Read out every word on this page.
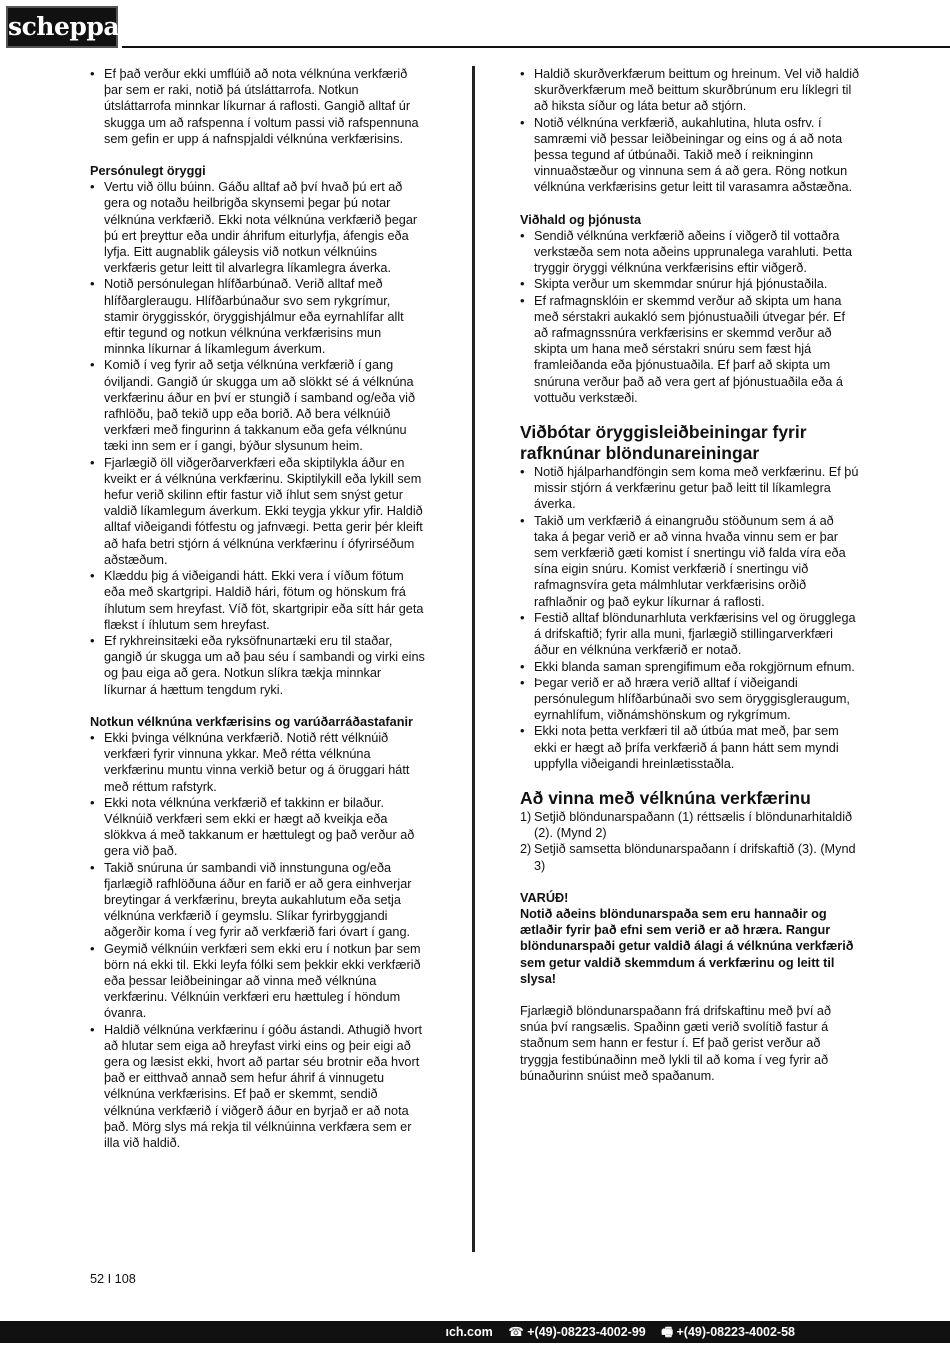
scheppach
• Ef það verður ekki umflúið að nota vélknúna verkfærið þar sem er raki, notið þá útsláttarrofa. Notkun útsláttarrofa minnkar líkurnar á raflosti. Gangið alltaf úr skugga um að rafspenna í voltum passi við rafspennuna sem gefin er upp á nafnspjaldi vélknúna verkfærisins.
Persónulegt öryggi
• Vertu við öllu búinn. Gáðu alltaf að því hvað þú ert að gera og notaðu heilbrigða skynsemi þegar þú notar vélknúna verkfærið. Ekki nota vélknúna verkfærið þegar þú ert þreyttur eða undir áhrifum eiturlyfja, áfengis eða lyfja. Eitt augnablik gáleysis við notkun vélknúins verkfæris getur leitt til alvarlegra líkamlegra áverka.
• Notið persónulegan hlífðarbúnað. Verið alltaf með hlífðargleraugu. Hlífðarbúnaður svo sem rykgrímur, stamir öryggisskór, öryggishjálmur eða eyrnahlífar allt eftir tegund og notkun vélknúna verkfærisins mun minnka líkurnar á líkamlegum áverkum.
• Komið í veg fyrir að setja vélknúna verkfærið í gang óviljandi. Gangið úr skugga um að slökkt sé á vélknúna verkfærinu áður en því er stungið í samband og/eða við rafhlöðu, það tekið upp eða borið. Að bera vélknúið verkfæri með fingurinn á takkanum eða gefa vélknúnu tæki inn sem er í gangi, býður slysunum heim.
• Fjarlægið öll viðgerðarverkfæri eða skiptilykla áður en kveikt er á vélknúna verkfærinu. Skiptilykill eða lykill sem hefur verið skilinn eftir fastur við íhlut sem snýst getur valdið líkamlegum áverkum. Ekki teygja ykkur yfir. Haldið alltaf viðeigandi fótfestu og jafnvægi. Þetta gerir þér kleift að hafa betri stjórn á vélknúna verkfærinu í ófyrirséðum aðstæðum.
• Klæddu þig á viðeigandi hátt. Ekki vera í víðum fötum eða með skartgripi. Haldið hári, fötum og hönskum frá íhlutum sem hreyfast. Víð föt, skartgripir eða sítt hár geta flækst í íhlutum sem hreyfast.
• Ef rykhreinsitæki eða ryksöfnunartæki eru til staðar, gangið úr skugga um að þau séu í sambandi og virki eins og þau eiga að gera. Notkun slíkra tækja minnkar líkurnar á hættum tengdum ryki.
Notkun vélknúna verkfærisins og varúðarráðastafanir
• Ekki þvinga vélknúna verkfærið. Notið rétt vélknúið verkfæri fyrir vinnuna ykkar. Með rétta vélknúna verkfærinu muntu vinna verkið betur og á öruggari hátt með réttum rafstyrk.
• Ekki nota vélknúna verkfærið ef takkinn er bilaður. Vélknúið verkfæri sem ekki er hægt að kveikja eða slökkva á með takkanum er hættulegt og það verður að gera við það.
• Takið snúruna úr sambandi við innstunguna og/eða fjarlægið rafhlöðuna áður en farið er að gera einhverjar breytingar á verkfærinu, breyta aukahlutum eða setja vélknúna verkfærið í geymslu. Slíkar fyrirbyggjandi aðgerðir koma í veg fyrir að verkfærið fari óvart í gang.
• Geymið vélknúin verkfæri sem ekki eru í notkun þar sem börn ná ekki til. Ekki leyfa fólki sem þekkir ekki verkfærið eða þessar leiðbeiningar að vinna með vélknúna verkfærinu. Vélknúin verkfæri eru hættuleg í höndum óvanra.
• Haldið vélknúna verkfærinu í góðu ástandi. Athugið hvort að hlutar sem eiga að hreyfast virki eins og þeir eigi að gera og læsist ekki, hvort að partar séu brotnir eða hvort það er eitthvað annað sem hefur áhrif á vinnugetu vélknúna verkfærisins. Ef það er skemmt, sendið vélknúna verkfærið í viðgerð áður en byrjað er að nota það. Mörg slys má rekja til vélknúinna verkfæra sem er illa við haldið.
• Haldið skurðverkfærum beittum og hreinum. Vel við haldið skurðverkfærum með beittum skurðbrúnum eru líklegri til að hiksta síður og láta betur að stjórn.
• Notið vélknúna verkfærið, aukahlutina, hluta osfrv. í samræmi við þessar leiðbeiningar og eins og á að nota þessa tegund af útbúnaði. Takið með í reikninginn vinnuaðstæður og vinnuna sem á að gera. Röng notkun vélknúna verkfærisins getur leitt til varasamra aðstæðna.
Viðhald og þjónusta
• Sendið vélknúna verkfærið aðeins í viðgerð til vottaðra verkstæða sem nota aðeins upprunalega varahluti. Þetta tryggir öryggi vélknúna verkfærisins eftir viðgerð.
• Skipta verður um skemmdar snúrur hjá þjónustaðila.
• Ef rafmagnsklóin er skemmd verður að skipta um hana með sérstakri aukakló sem þjónustuaðili útvegar þér. Ef að rafmagnssnúra verkfærisins er skemmd verður að skipta um hana með sérstakri snúru sem fæst hjá framleiðanda eða þjónustuaðila. Ef þarf að skipta um snúruna verður það að vera gert af þjónustuaðila eða á vottuðu verkstæði.
Viðbótar öryggisleiðbeiningar fyrir rafknúnar blöndunareiningar
• Notið hjálparhandföngin sem koma með verkfærinu. Ef þú missir stjórn á verkfærinu getur það leitt til líkamlegra áverka.
• Takið um verkfærið á einangruðu stöðunum sem á að taka á þegar verið er að vinna hvaða vinnu sem er þar sem verkfærið gæti komist í snertingu við falda víra eða sína eigin snúru. Komist verkfærið í snertingu við rafmagnsvíra geta málmhlutar verkfærisins orðið rafhlaðnir og það eykur líkurnar á raflosti.
• Festið alltaf blöndunarhluta verkfærisins vel og örugglega á drifskaftið; fyrir alla muni, fjarlægið stillingarverkfæri áður en vélknúna verkfærið er notað.
• Ekki blanda saman sprengifimum eða rokgjörnum efnum.
• Þegar verið er að hræra verið alltaf í viðeigandi persónulegum hlífðarbúnaði svo sem öryggisgleraugum, eyrnahlífum, viðnámshönskum og rykgrímum.
• Ekki nota þetta verkfæri til að útbúa mat með, þar sem ekki er hægt að þrífa verkfærið á þann hátt sem myndi uppfylla viðeigandi hreinlætisstaðla.
Að vinna með vélknúna verkfærinu
1) Setjið blöndunarspaðann (1) réttsælis í blöndunarhitaldið (2). (Mynd 2)
2) Setjið samsetta blöndunarspaðann í drifskaftið (3). (Mynd 3)

VARÚÐ!

Notið aðeins blöndunarspaða sem eru hannaðir og ætlaðir fyrir það efni sem verið er að hræra. Rangur blöndunarspaði getur valdið álagi á vélknúna verkfærið sem getur valdið skemmdum á verkfærinu og leitt til slysa!

Fjarlægið blöndunarspaðann frá drifskaftinu með því að snúa því rangsælis. Spaðinn gæti verið svolítið fastur á staðnum sem hann er festur í. Ef það gerist verður að tryggja festibúnaðinn með lykli til að koma í veg fyrir að búnaðurinn snúist með spaðanum.

52 I 108
ıch.com ☎ +(49)-08223-4002-99 🖷 +(49)-08223-4002-58
